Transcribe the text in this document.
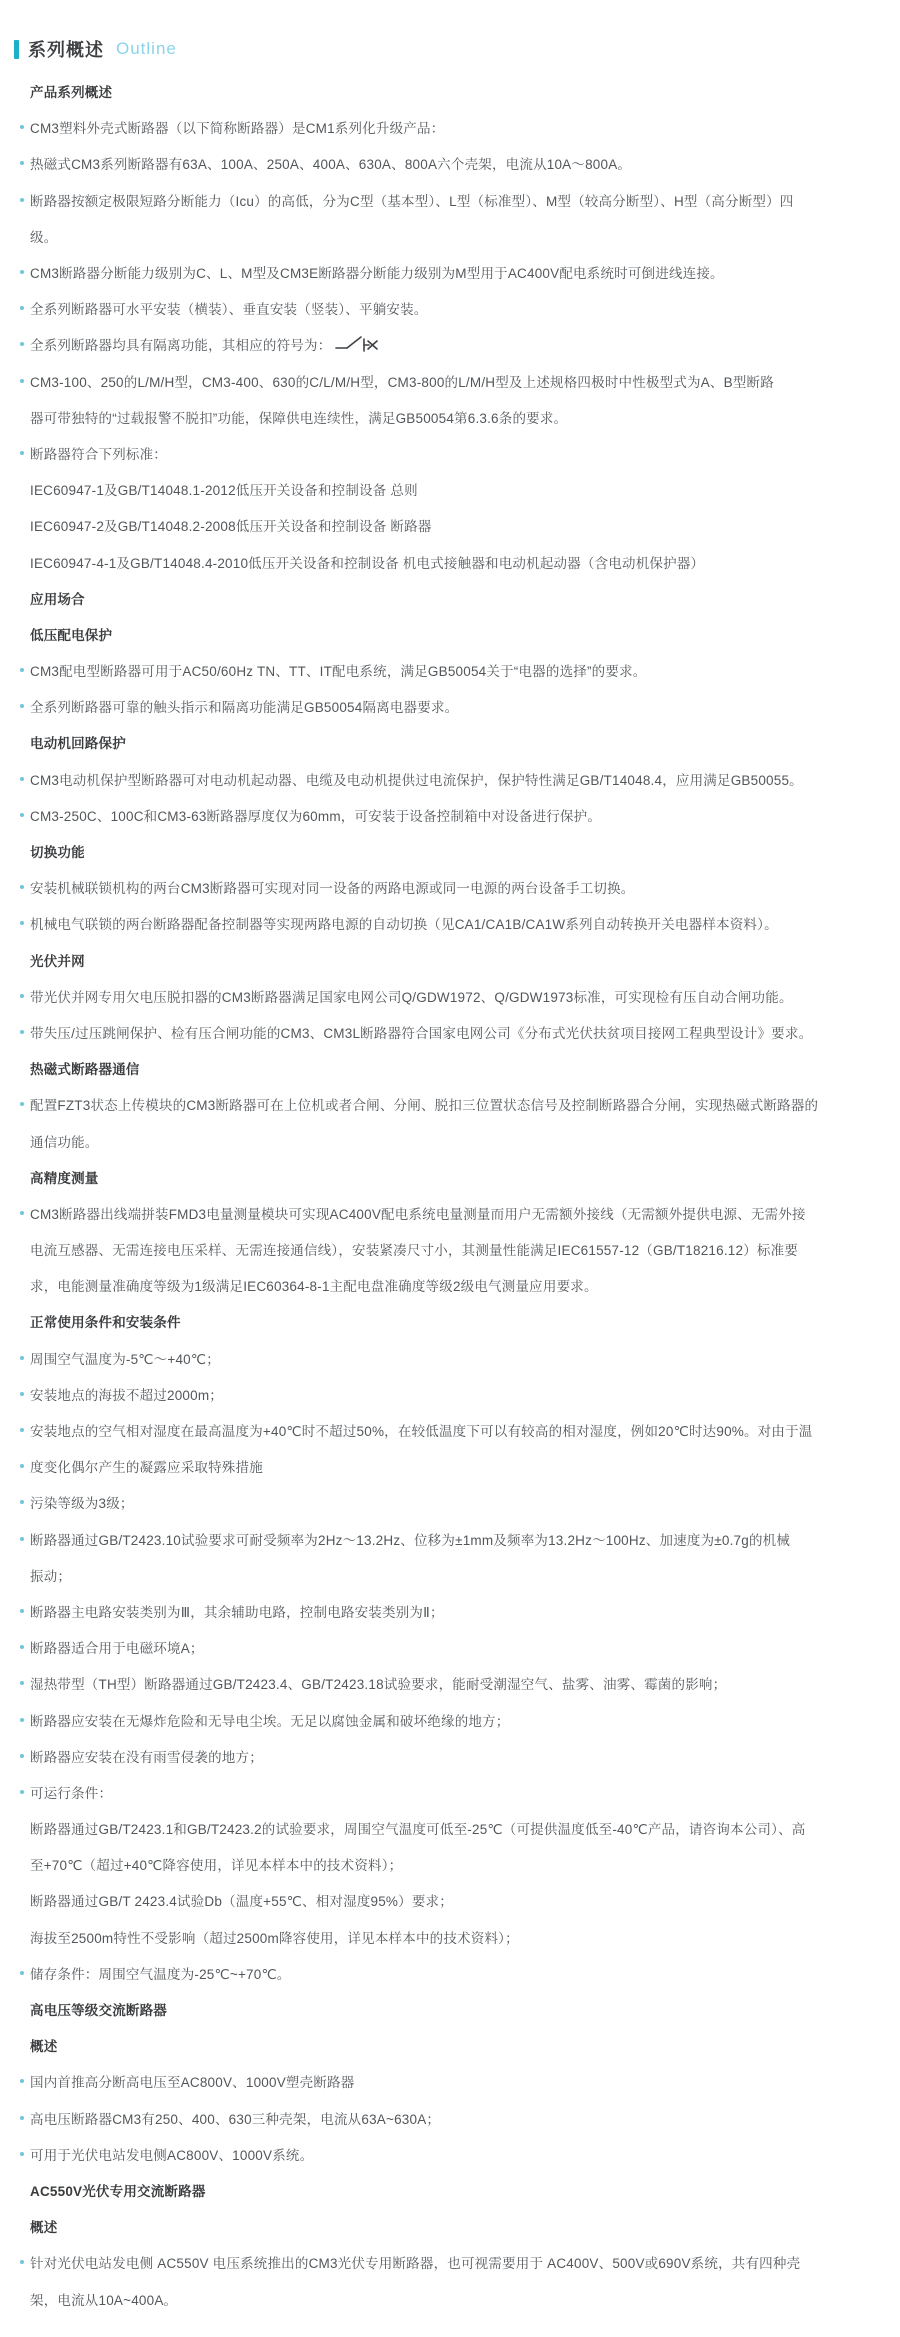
系列概述 Outline
产品系列概述
CM3塑料外壳式断路器（以下简称断路器）是CM1系列化升级产品：
热磁式CM3系列断路器有63A、100A、250A、400A、630A、800A六个壳架，电流从10A～800A。
断路器按额定极限短路分断能力（Icu）的高低，分为C型（基本型）、L型（标准型）、M型（较高分断型）、H型（高分断型）四
级。
CM3断路器分断能力级别为C、L、M型及CM3E断路器分断能力级别为M型用于AC400V配电系统时可倒进线连接。
全系列断路器可水平安装（横装）、垂直安装（竖装）、平躺安装。
全系列断路器均具有隔离功能，其相应的符号为：
CM3-100、250的L/M/H型，CM3-400、630的C/L/M/H型，CM3-800的L/M/H型及上述规格四极时中性极型式为A、B型断路
器可带独特的“过载报警不脱扣”功能，保障供电连续性，满足GB50054第6.3.6条的要求。
断路器符合下列标准：
IEC60947-1及GB/T14048.1-2012低压开关设备和控制设备 总则
IEC60947-2及GB/T14048.2-2008低压开关设备和控制设备 断路器
IEC60947-4-1及GB/T14048.4-2010低压开关设备和控制设备 机电式接触器和电动机起动器（含电动机保护器）
应用场合
低压配电保护
CM3配电型断路器可用于AC50/60Hz TN、TT、IT配电系统，满足GB50054关于“电器的选择”的要求。
全系列断路器可靠的触头指示和隔离功能满足GB50054隔离电器要求。
电动机回路保护
CM3电动机保护型断路器可对电动机起动器、电缆及电动机提供过电流保护，保护特性满足GB/T14048.4，应用满足GB50055。
CM3-250C、100C和CM3-63断路器厚度仅为60mm，可安装于设备控制箱中对设备进行保护。
切换功能
安装机械联锁机构的两台CM3断路器可实现对同一设备的两路电源或同一电源的两台设备手工切换。
机械电气联锁的两台断路器配备控制器等实现两路电源的自动切换（见CA1/CA1B/CA1W系列自动转换开关电器样本资料）。
光伏并网
带光伏并网专用欠电压脱扣器的CM3断路器满足国家电网公司Q/GDW1972、Q/GDW1973标准，可实现检有压自动合闸功能。
带失压/过压跳闸保护、检有压合闸功能的CM3、CM3L断路器符合国家电网公司《分布式光伏扶贫项目接网工程典型设计》要求。
热磁式断路器通信
配置FZT3状态上传模块的CM3断路器可在上位机或者合闸、分闸、脱扣三位置状态信号及控制断路器合分闸，实现热磁式断路器的
通信功能。
高精度测量
CM3断路器出线端拼装FMD3电量测量模块可实现AC400V配电系统电量测量而用户无需额外接线（无需额外提供电源、无需外接
电流互感器、无需连接电压采样、无需连接通信线），安装紧凑尺寸小，其测量性能满足IEC61557-12（GB/T18216.12）标准要
求，电能测量准确度等级为1级满足IEC60364-8-1主配电盘准确度等级2级电气测量应用要求。
正常使用条件和安装条件
周围空气温度为-5℃～+40℃；
安装地点的海拔不超过2000m；
安装地点的空气相对湿度在最高温度为+40℃时不超过50%，在较低温度下可以有较高的相对湿度，例如20℃时达90%。对由于温
度变化偶尔产生的凝露应采取特殊措施
污染等级为3级；
断路器通过GB/T2423.10试验要求可耐受频率为2Hz～13.2Hz、位移为±1mm及频率为13.2Hz～100Hz、加速度为±0.7g的机械
振动；
断路器主电路安装类别为Ⅲ，其余辅助电路，控制电路安装类别为Ⅱ；
断路器适合用于电磁环境A；
湿热带型（TH型）断路器通过GB/T2423.4、GB/T2423.18试验要求，能耐受潮湿空气、盐雾、油雾、霉菌的影响；
断路器应安装在无爆炸危险和无导电尘埃。无足以腐蚀金属和破坏绝缘的地方；
断路器应安装在没有雨雪侵袭的地方；
可运行条件：
断路器通过GB/T2423.1和GB/T2423.2的试验要求，周围空气温度可低至-25℃（可提供温度低至-40℃产品，请咨询本公司）、高
至+70℃（超过+40℃降容使用，详见本样本中的技术资料）；
断路器通过GB/T 2423.4试验Db（温度+55℃、相对湿度95%）要求；
海拔至2500m特性不受影响（超过2500m降容使用，详见本样本中的技术资料）；
储存条件：周围空气温度为-25℃~+70℃。
高电压等级交流断路器
概述
国内首推高分断高电压至AC800V、1000V塑壳断路器
高电压断路器CM3有250、400、630三种壳架，电流从63A~630A；
可用于光伏电站发电侧AC800V、1000V系统。
AC550V光伏专用交流断路器
概述
针对光伏电站发电侧 AC550V 电压系统推出的CM3光伏专用断路器，也可视需要用于 AC400V、500V或690V系统，共有四种壳
架，电流从10A~400A。
